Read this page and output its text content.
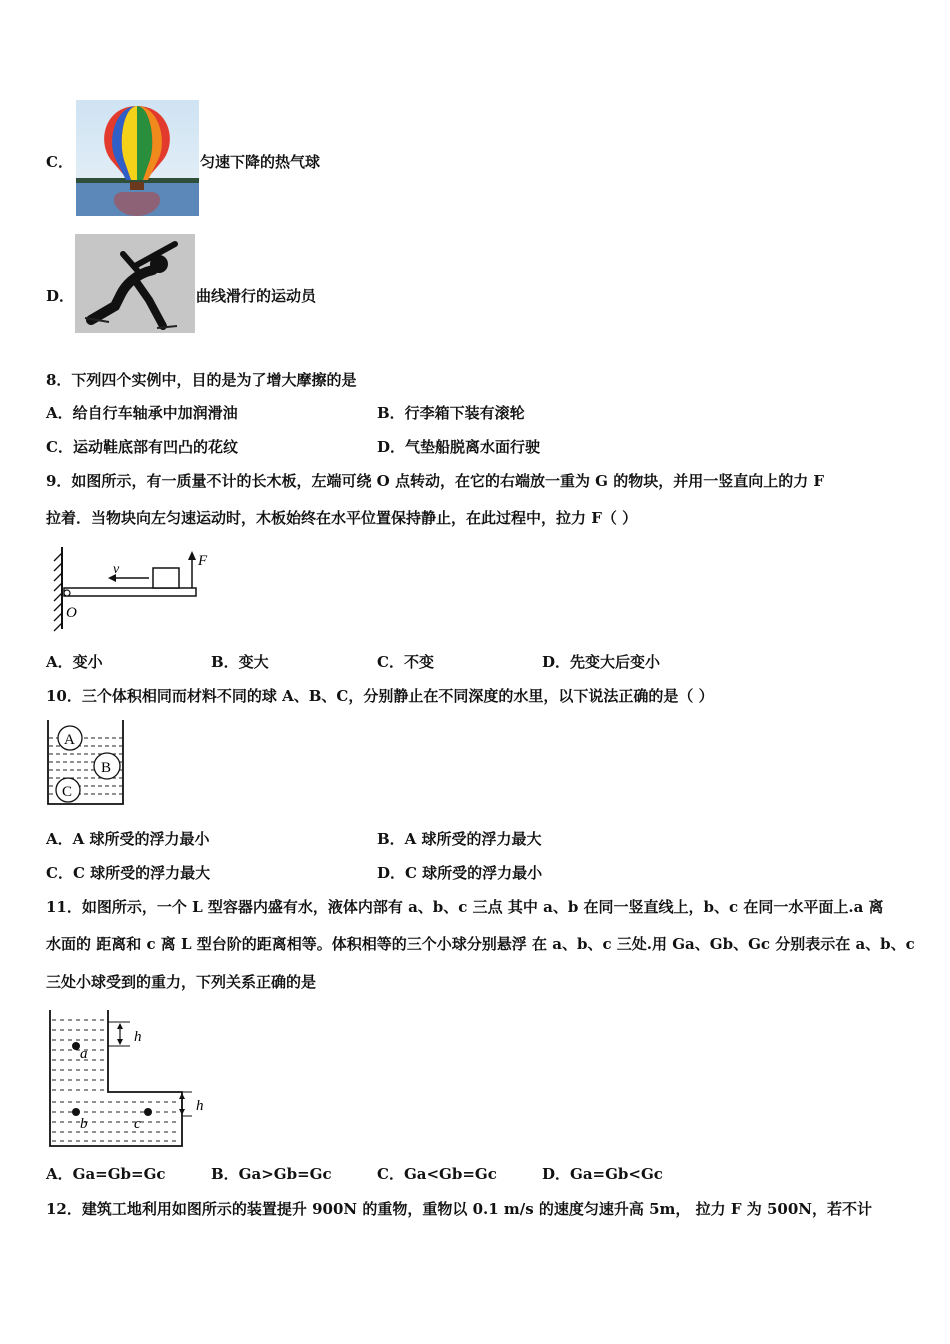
C．	匀速下降的热气球
D．	曲线滑行的运动员
8．下列四个实例中，目的是为了增大摩擦的是
A．给自行车轴承中加润滑油	B．行李箱下装有滚轮
C．运动鞋底部有凹凸的花纹	D．气垫船脱离水面行驶
9．如图所示，有一质量不计的长木板，左端可绕 O 点转动，在它的右端放一重为 G 的物块，并用一竖直向上的力 F
拉着．当物块向左匀速运动时，木板始终在水平位置保持静止，在此过程中，拉力 F（ ）
v
F
O
A．变小	B．变大	C．不变	D．先变大后变小
10．三个体积相同而材料不同的球 A、B、C，分别静止在不同深度的水里，以下说法正确的是（ ）
A
B
C
A．A 球所受的浮力最小	B．A 球所受的浮力最大
C．C 球所受的浮力最大	D．C 球所受的浮力最小
11．如图所示，一个 L 型容器内盛有水，液体内部有 a、b、c 三点 其中 a、b 在同一竖直线上，b、c 在同一水平面上.a 离
水面的 距离和 c 离 L 型台阶的距离相等。体积相等的三个小球分别悬浮 在 a、b、c 三处.用 Ga、Gb、Gc 分别表示在 a、b、c
三处小球受到的重力，下列关系正确的是
h
h
a
b	c
A．Ga=Gb=Gc	B．Ga>Gb=Gc	C．Ga<Gb=Gc	D．Ga=Gb<Gc
12．建筑工地利用如图所示的装置提升 900N 的重物，重物以 0.1 m/s 的速度匀速升高 5m， 拉力 F 为 500N，若不计
